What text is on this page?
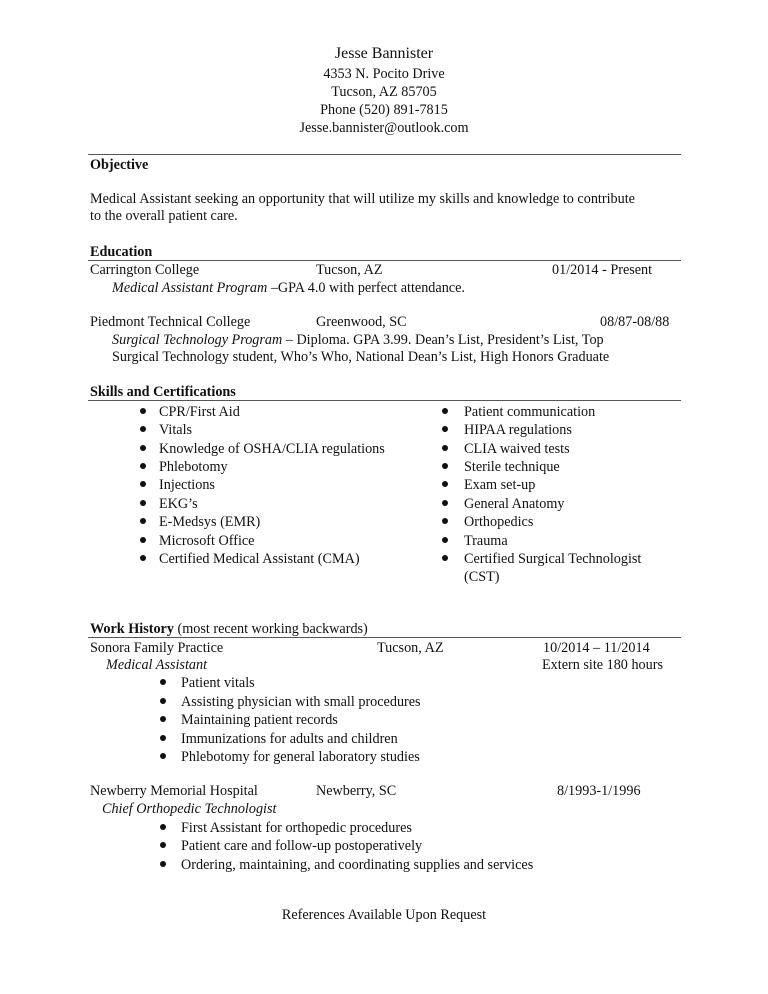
Jesse Bannister
4353 N. Pocito Drive
Tucson, AZ 85705
Phone (520) 891-7815
Jesse.bannister@outlook.com
Objective
Medical Assistant seeking an opportunity that will utilize my skills and knowledge to contribute
to the overall patient care.
Education
Carrington College	Tucson, AZ	01/2014 - Present
Medical Assistant Program –GPA 4.0 with perfect attendance.
Piedmont Technical College	Greenwood, SC	08/87-08/88
Surgical Technology Program – Diploma. GPA 3.99. Dean’s List, President’s List, Top
Surgical Technology student, Who’s Who, National Dean’s List, High Honors Graduate
Skills and Certifications
CPR/First Aid
Vitals
Knowledge of OSHA/CLIA regulations
Phlebotomy
Injections
EKG’s
E-Medsys (EMR)
Microsoft Office
Certified Medical Assistant (CMA)
Patient communication
HIPAA regulations
CLIA waived tests
Sterile technique
Exam set-up
General Anatomy
Orthopedics
Trauma
Certified Surgical Technologist
(CST)
Work History (most recent working backwards)
Sonora Family Practice	Tucson, AZ	10/2014 – 11/2014
Medical Assistant	Extern site 180 hours
Patient vitals
Assisting physician with small procedures
Maintaining patient records
Immunizations for adults and children
Phlebotomy for general laboratory studies
Newberry Memorial Hospital	Newberry, SC	8/1993-1/1996
Chief Orthopedic Technologist
First Assistant for orthopedic procedures
Patient care and follow-up postoperatively
Ordering, maintaining, and coordinating supplies and services
References Available Upon Request
